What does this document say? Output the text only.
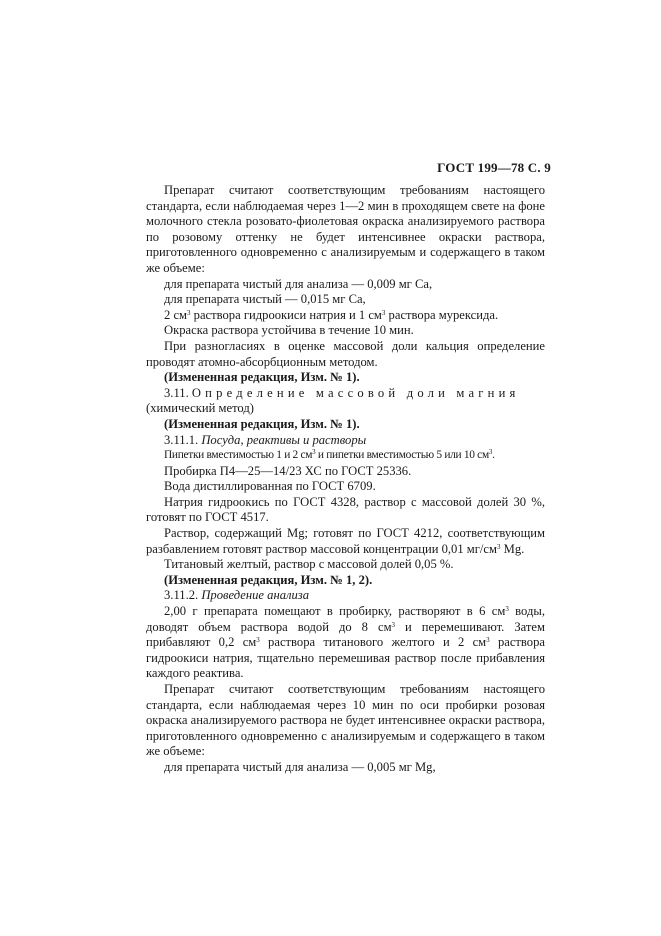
ГОСТ 199—78 С. 9

Препарат считают соответствующим требованиям настоящего стандарта, если наблюдаемая через 1—2 мин в проходящем свете на фоне молочного стекла розовато-фиолетовая окраска анализируемого раствора по розовому оттенку не будет интенсивнее окраски раствора, приготовленного одновременно с анализируемым и содержащего в таком же объеме:

для препарата чистый для анализа — 0,009 мг Ca,

для препарата чистый — 0,015 мг Ca,

2 $см^3$ раствора гидроокиси натрия и 1 $см^3$ раствора мурексида.

Окраска раствора устойчива в течение 10 мин.

При разногласиях в оценке массовой доли кальция определение проводят атомно-абсорбционным методом.

(Измененная редакция, Изм. № 1).

3.11. Определение массовой доли магния

(химический метод)

(Измененная редакция, Изм. № 1).

3.11.1. Посуда, реактивы и растворы

Пипетки вместимостью 1 и 2 $см^3$ и пипетки вместимостью 5 или 10 $см^3$.

Пробирка П4—25—14/23 ХС по ГОСТ 25336.

Вода дистиллированная по ГОСТ 6709.

Натрия гидроокись по ГОСТ 4328, раствор с массовой долей 30 %, готовят по ГОСТ 4517.

Раствор, содержащий Mg; готовят по ГОСТ 4212, соответствующим разбавлением готовят раствор массовой концентрации 0,01 $мг/см^3$ Mg.

Титановый желтый, раствор с массовой долей 0,05 %.

(Измененная редакция, Изм. № 1, 2).

3.11.2. Проведение анализа

2,00 г препарата помещают в пробирку, растворяют в 6 $см^3$ воды, доводят объем раствора водой до 8 $см^3$ и перемешивают. Затем прибавляют 0,2 $см^3$ раствора титанового желтого и 2 $см^3$ раствора гидроокиси натрия, тщательно перемешивая раствор после прибавления каждого реактива.

Препарат считают соответствующим требованиям настоящего стандарта, если наблюдаемая через 10 мин по оси пробирки розовая окраска анализируемого раствора не будет интенсивнее окраски раствора, приготовленного одновременно с анализируемым и содержащего в таком же объеме:

для препарата чистый для анализа — 0,005 мг Mg,
